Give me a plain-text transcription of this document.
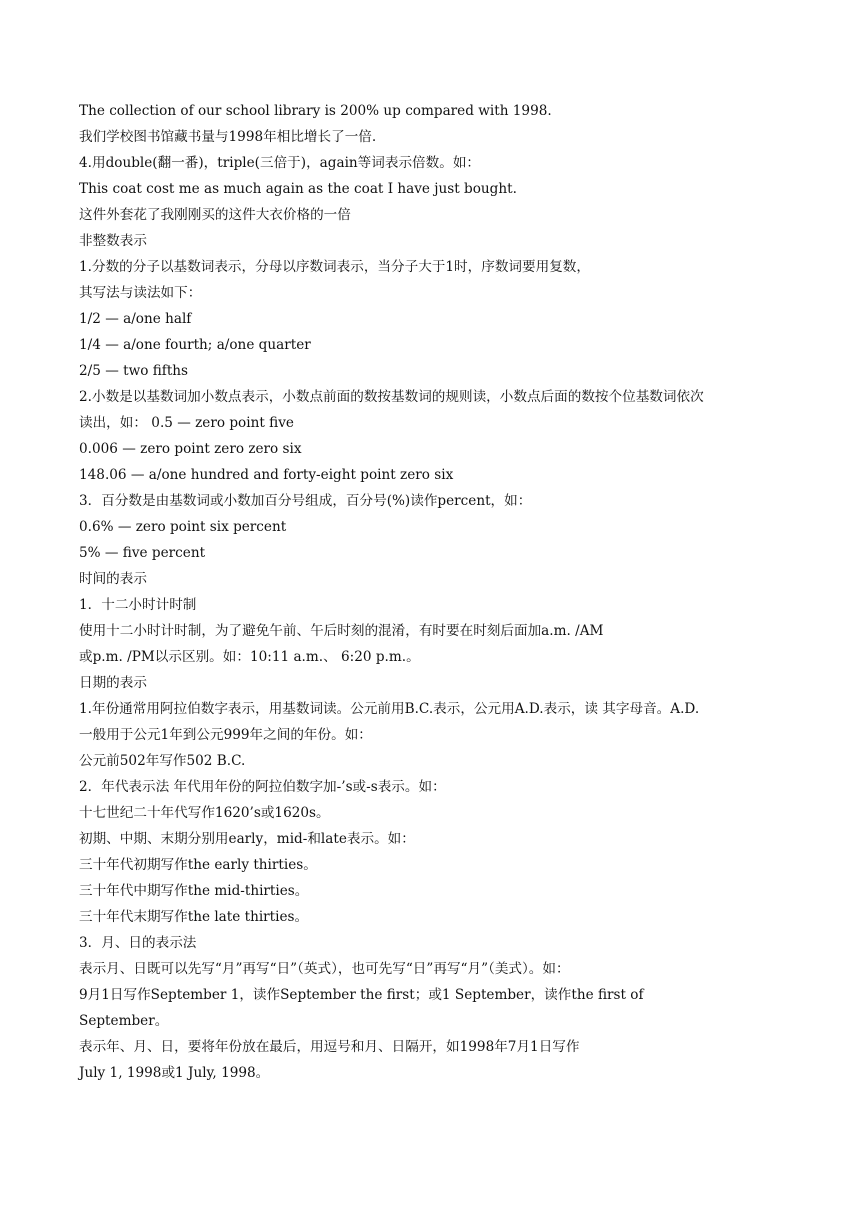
The collection of our school library is 200% up compared with 1998.
我们学校图书馆藏书量与1998年相比增长了一倍.
4.用double(翻一番)，triple(三倍于)，again等词表示倍数。如：
This coat cost me as much again as the coat I have just bought.
这件外套花了我刚刚买的这件大衣价格的一倍
非整数表示
1.分数的分子以基数词表示，分母以序数词表示，当分子大于1时，序数词要用复数，
其写法与读法如下：
1/2 — a/one half
1/4 — a/one fourth; a/one quarter
2/5 — two fifths
2.小数是以基数词加小数点表示，小数点前面的数按基数词的规则读，小数点后面的数按个位基数词依次
读出，如： 0.5 — zero point five
0.006 — zero point zero zero six
148.06 — a/one hundred and forty-eight point zero six
3．百分数是由基数词或小数加百分号组成，百分号(%)读作percent，如：
0.6% — zero point six percent
5% — five percent
时间的表示
1．十二小时计时制
使用十二小时计时制，为了避免午前、午后时刻的混淆，有时要在时刻后面加a.m. /AM
或p.m. /PM以示区别。如：10:11 a.m.、 6:20 p.m.。
日期的表示
1.年份通常用阿拉伯数字表示，用基数词读。公元前用B.C.表示，公元用A.D.表示，读 其字母音。A.D.
一般用于公元1年到公元999年之间的年份。如：
公元前502年写作502 B.C.
2．年代表示法 年代用年份的阿拉伯数字加-’s或-s表示。如：
十七世纪二十年代写作1620’s或1620s。
初期、中期、末期分别用early，mid-和late表示。如：
三十年代初期写作the early thirties。
三十年代中期写作the mid-thirties。
三十年代末期写作the late thirties。
3．月、日的表示法
表示月、日既可以先写“月”再写“日”（英式），也可先写“日”再写“月”（美式）。如：
9月1日写作September 1，读作September the first；或1 September，读作the first of
September。
表示年、月、日，要将年份放在最后，用逗号和月、日隔开，如1998年7月1日写作
July 1, 1998或1 July, 1998。
